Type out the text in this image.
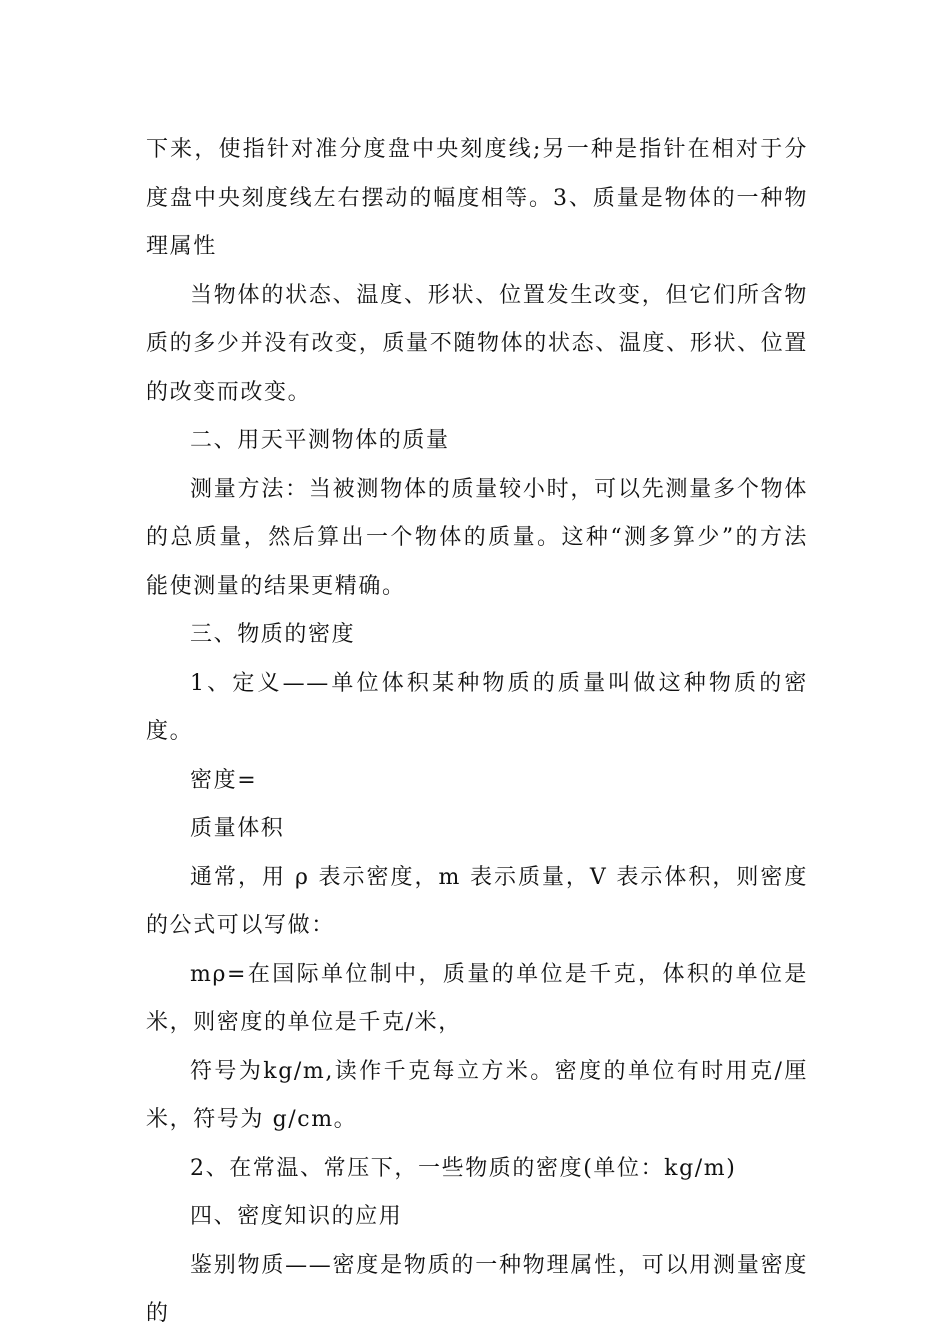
下来，使指针对准分度盘中央刻度线;另一种是指针在相对于分度盘中央刻度线左右摆动的幅度相等。3、质量是物体的一种物理属性

当物体的状态、温度、形状、位置发生改变，但它们所含物质的多少并没有改变，质量不随物体的状态、温度、形状、位置的改变而改变。

二、用天平测物体的质量

测量方法：当被测物体的质量较小时，可以先测量多个物体的总质量，然后算出一个物体的质量。这种“测多算少”的方法能使测量的结果更精确。

三、物质的密度

1、定义——单位体积某种物质的质量叫做这种物质的密度。

密度=

质量体积

通常，用 ρ 表示密度，m 表示质量，V 表示体积，则密度的公式可以写做：

mρ=在国际单位制中，质量的单位是千克，体积的单位是米，则密度的单位是千克/米，

符号为kg/m,读作千克每立方米。密度的单位有时用克/厘米，符号为 g/cm。

2、在常温、常压下，一些物质的密度(单位：kg/m)

四、密度知识的应用

鉴别物质——密度是物质的一种物理属性，可以用测量密度的
